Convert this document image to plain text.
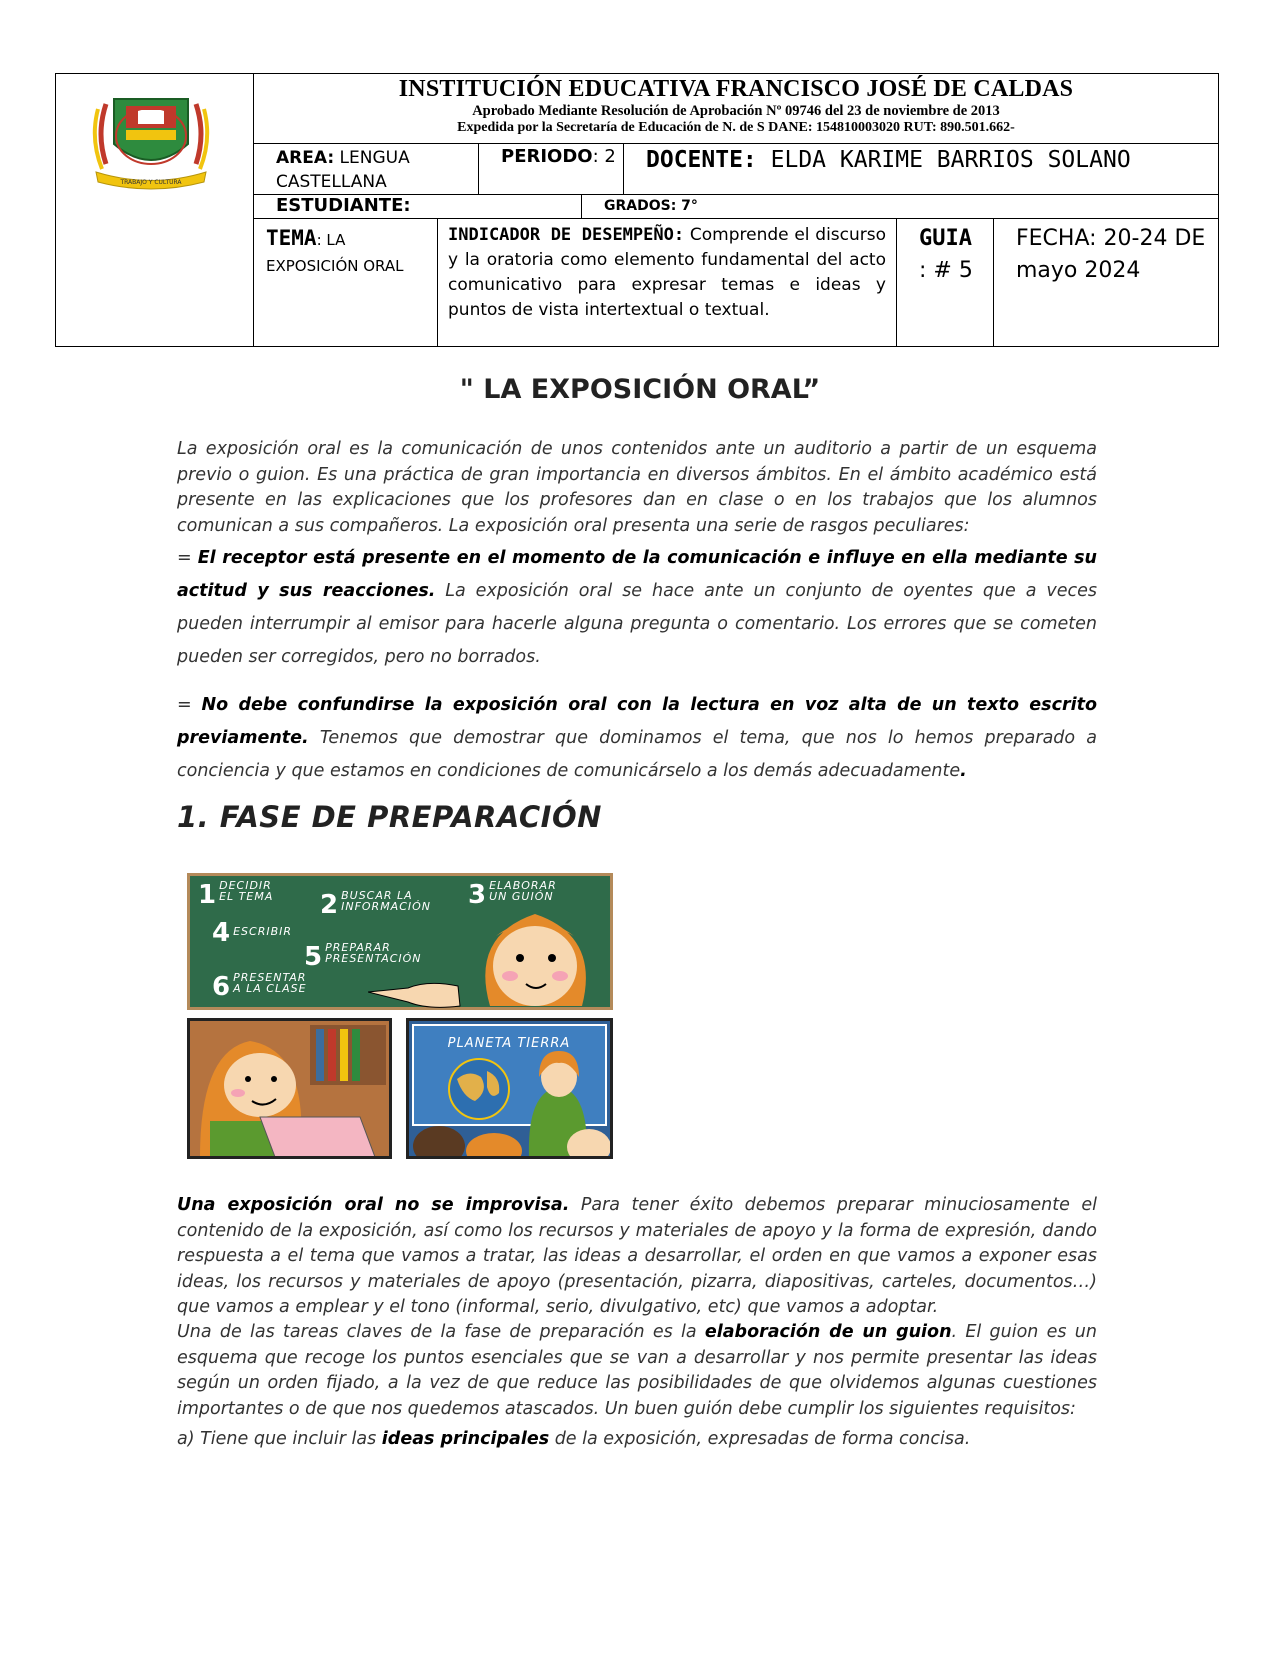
TRABAJO Y CULTURA
INSTITUCIÓN EDUCATIVA FRANCISCO JOSÉ DE CALDAS
Aprobado Mediante Resolución de Aprobación Nº 09746 del 23 de noviembre de 2013
Expedida por la Secretaría de Educación de N. de S DANE: 154810003020 RUT: 890.501.662-
AREA: LENGUA CASTELLANA
PERIODO: 2	DOCENTE: ELDA KARIME BARRIOS SOLANO
ESTUDIANTE:	GRADOS: 7°
TEMA: LA EXPOSICIÓN ORAL
INDICADOR DE DESEMPEÑO: Comprende el discurso y la oratoria como elemento fundamental del acto comunicativo para expresar temas e ideas y puntos de vista intertextual o textual.
GUIA
: # 5
FECHA: 20-24 DE mayo 2024
" LA EXPOSICIÓN ORAL”
La exposición oral es la comunicación de unos contenidos ante un auditorio a partir de un esquema previo o guion. Es una práctica de gran importancia en diversos ámbitos. En el ámbito académico está presente en las explicaciones que los profesores dan en clase o en los trabajos que los alumnos comunican a sus compañeros. La exposición oral presenta una serie de rasgos peculiares:
= El receptor está presente en el momento de la comunicación e influye en ella mediante su actitud y sus reacciones. La exposición oral se hace ante un conjunto de oyentes que a veces pueden interrumpir al emisor para hacerle alguna pregunta o comentario. Los errores que se cometen pueden ser corregidos, pero no borrados.
= No debe confundirse la exposición oral con la lectura en voz alta de un texto escrito previamente. Tenemos que demostrar que dominamos el tema, que nos lo hemos preparado a conciencia y que estamos en condiciones de comunicárselo a los demás adecuadamente.
1. FASE DE PREPARACIÓN
1 DECIDIR
EL TEMA 2 BUSCAR LA
INFORMACIÓN 3 ELABORAR
UN GUIÓN
4 ESCRIBIR
5 PREPARAR
PRESENTACIÓN
6 PRESENTAR
A LA CLASE
PLANETA TIERRA
Una exposición oral no se improvisa. Para tener éxito debemos preparar minuciosamente el contenido de la exposición, así como los recursos y materiales de apoyo y la forma de expresión, dando respuesta a el tema que vamos a tratar, las ideas a desarrollar, el orden en que vamos a exponer esas ideas, los recursos y materiales de apoyo (presentación, pizarra, diapositivas, carteles, documentos…) que vamos a emplear y el tono (informal, serio, divulgativo, etc) que vamos a adoptar.
Una de las tareas claves de la fase de preparación es la elaboración de un guion. El guion es un esquema que recoge los puntos esenciales que se van a desarrollar y nos permite presentar las ideas según un orden fijado, a la vez de que reduce las posibilidades de que olvidemos algunas cuestiones importantes o de que nos quedemos atascados. Un buen guión debe cumplir los siguientes requisitos:
a) Tiene que incluir las ideas principales de la exposición, expresadas de forma concisa.
